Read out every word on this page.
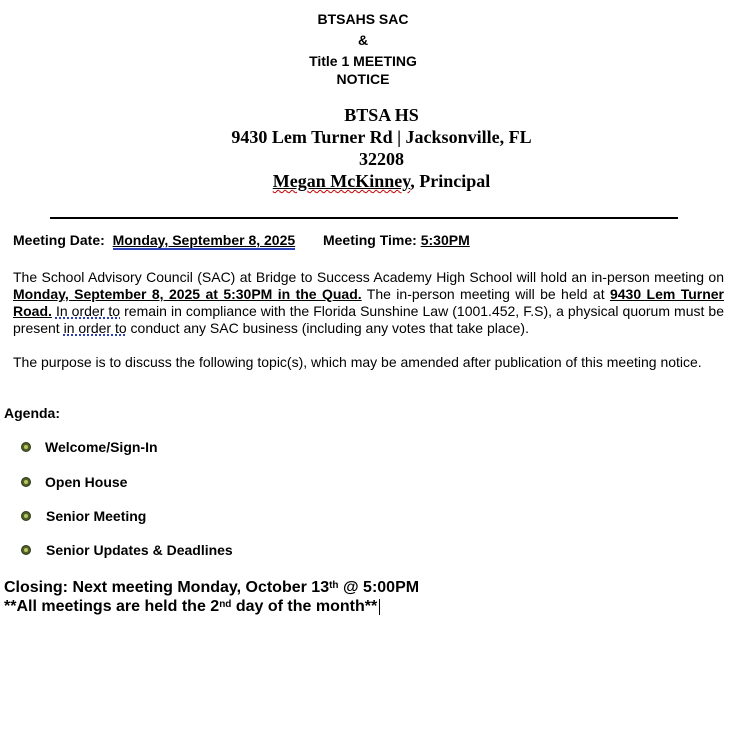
BTSAHS SAC
&
Title 1 MEETING
NOTICE
BTSA HS
9430 Lem Turner Rd | Jacksonville, FL
32208
Megan McKinney, Principal
Meeting Date: Monday, September 8, 2025 Meeting Time: 5:30PM
The School Advisory Council (SAC) at Bridge to Success Academy High School will hold an in-person meeting on Monday, September 8, 2025 at 5:30PM in the Quad. The in-person meeting will be held at 9430 Lem Turner Road. In order to remain in compliance with the Florida Sunshine Law (1001.452, F.S), a physical quorum must be present in order to conduct any SAC business (including any votes that take place).
The purpose is to discuss the following topic(s), which may be amended after publication of this meeting notice.
Agenda:
Welcome/Sign-In
Open House
Senior Meeting
Senior Updates & Deadlines
Closing: Next meeting Monday, October 13th @ 5:00PM
**All meetings are held the 2nd day of the month**
